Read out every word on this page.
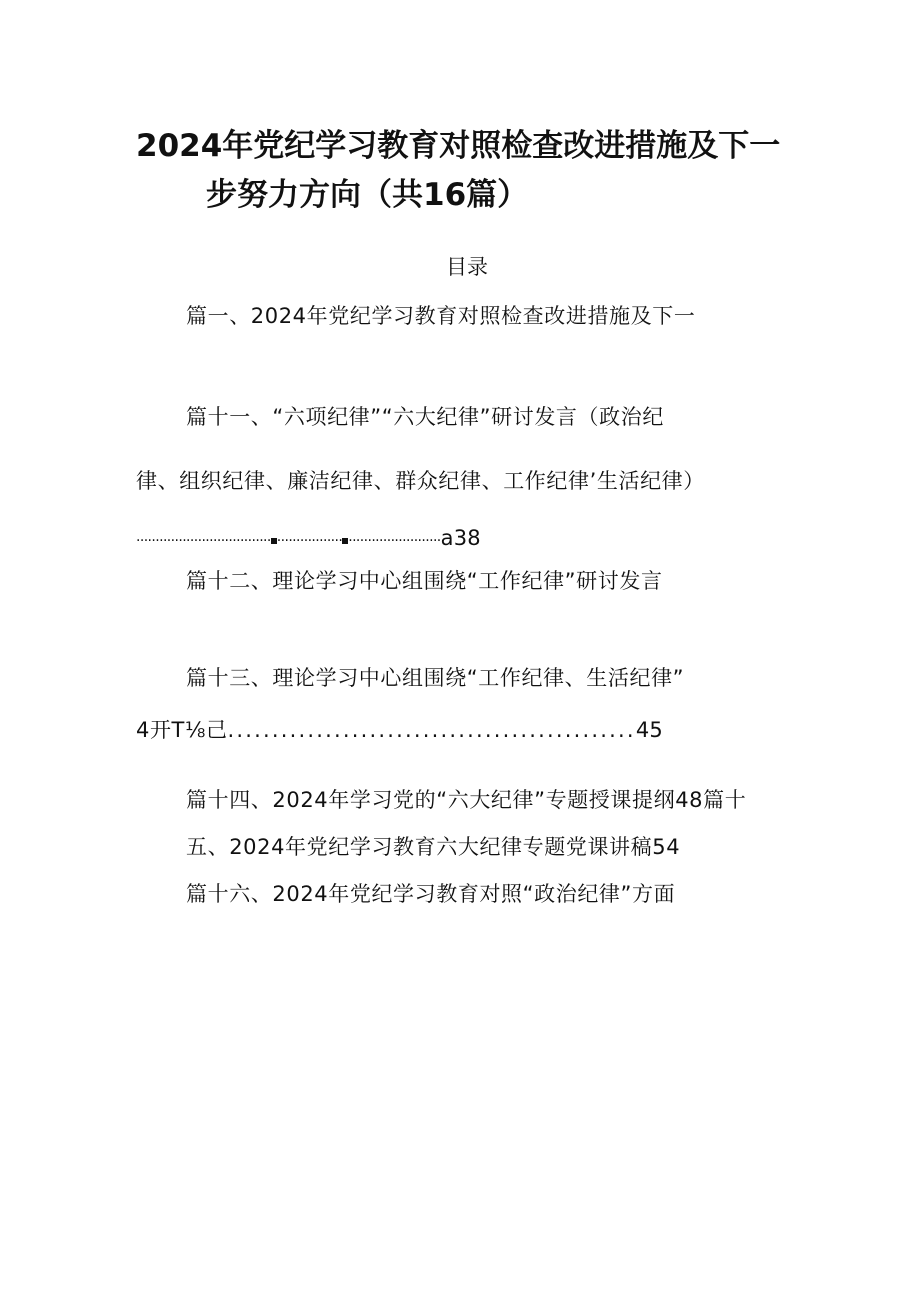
2024年党纪学习教育对照检查改进措施及下一
步努力方向（共16篇）
目录
篇一、2024年党纪学习教育对照检查改进措施及下一
篇十一、“六项纪律”“六大纪律”研讨发言（政治纪
律、组织纪律、廉洁纪律、群众纪律、工作纪律’生活纪律）
··································· ················· ························a38
篇十二、理论学习中心组围绕“工作纪律”研讨发言
篇十三、理论学习中心组围绕“工作纪律、生活纪律”
4开T⅛己..............................................45
篇十四、2024年学习党的“六大纪律”专题授课提纲48篇十
五、2024年党纪学习教育六大纪律专题党课讲稿54
篇十六、2024年党纪学习教育对照“政治纪律”方面
